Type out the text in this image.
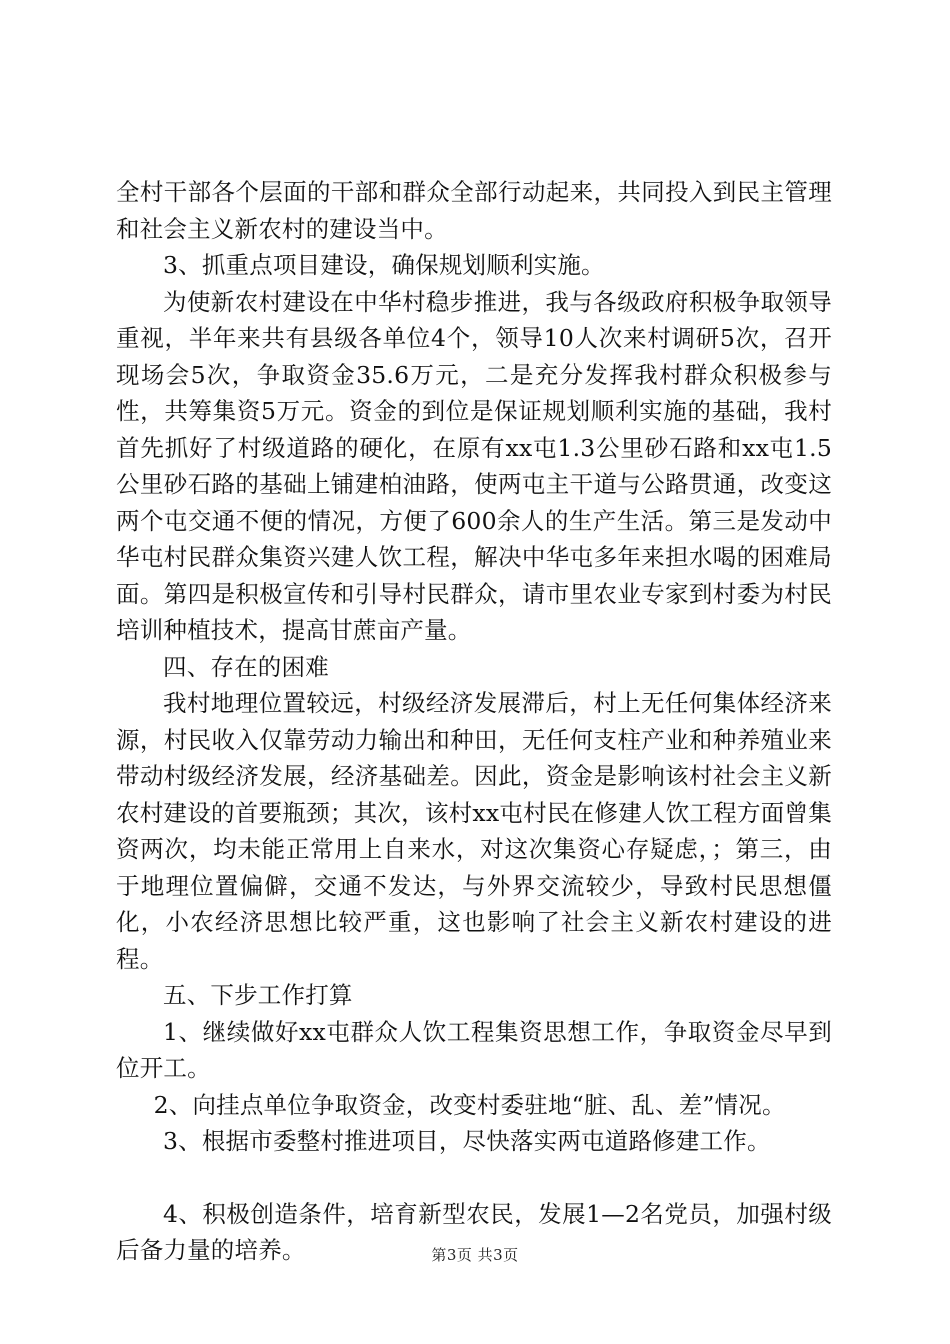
全村干部各个层面的干部和群众全部行动起来，共同投入到民主管理和社会主义新农村的建设当中。

3、抓重点项目建设，确保规划顺利实施。

为使新农村建设在中华村稳步推进，我与各级政府积极争取领导重视，半年来共有县级各单位4个，领导10人次来村调研5次，召开现场会5次，争取资金35.6万元，二是充分发挥我村群众积极参与性，共筹集资5万元。资金的到位是保证规划顺利实施的基础，我村首先抓好了村级道路的硬化，在原有xx屯1.3公里砂石路和xx屯1.5公里砂石路的基础上铺建柏油路，使两屯主干道与公路贯通，改变这两个屯交通不便的情况，方便了600余人的生产生活。第三是发动中华屯村民群众集资兴建人饮工程，解决中华屯多年来担水喝的困难局面。第四是积极宣传和引导村民群众，请市里农业专家到村委为村民培训种植技术，提高甘蔗亩产量。

四、存在的困难

我村地理位置较远，村级经济发展滞后，村上无任何集体经济来源，村民收入仅靠劳动力输出和种田，无任何支柱产业和种养殖业来带动村级经济发展，经济基础差。因此，资金是影响该村社会主义新农村建设的首要瓶颈；其次，该村xx屯村民在修建人饮工程方面曾集资两次，均未能正常用上自来水，对这次集资心存疑虑，；第三，由于地理位置偏僻，交通不发达，与外界交流较少，导致村民思想僵化，小农经济思想比较严重，这也影响了社会主义新农村建设的进程。

五、下步工作打算

1、继续做好xx屯群众人饮工程集资思想工作，争取资金尽早到位开工。

2、向挂点单位争取资金，改变村委驻地“脏、乱、差”情况。

3、根据市委整村推进项目，尽快落实两屯道路修建工作。

4、积极创造条件，培育新型农民，发展1—2名党员，加强村级后备力量的培养。	第3页 共3页
